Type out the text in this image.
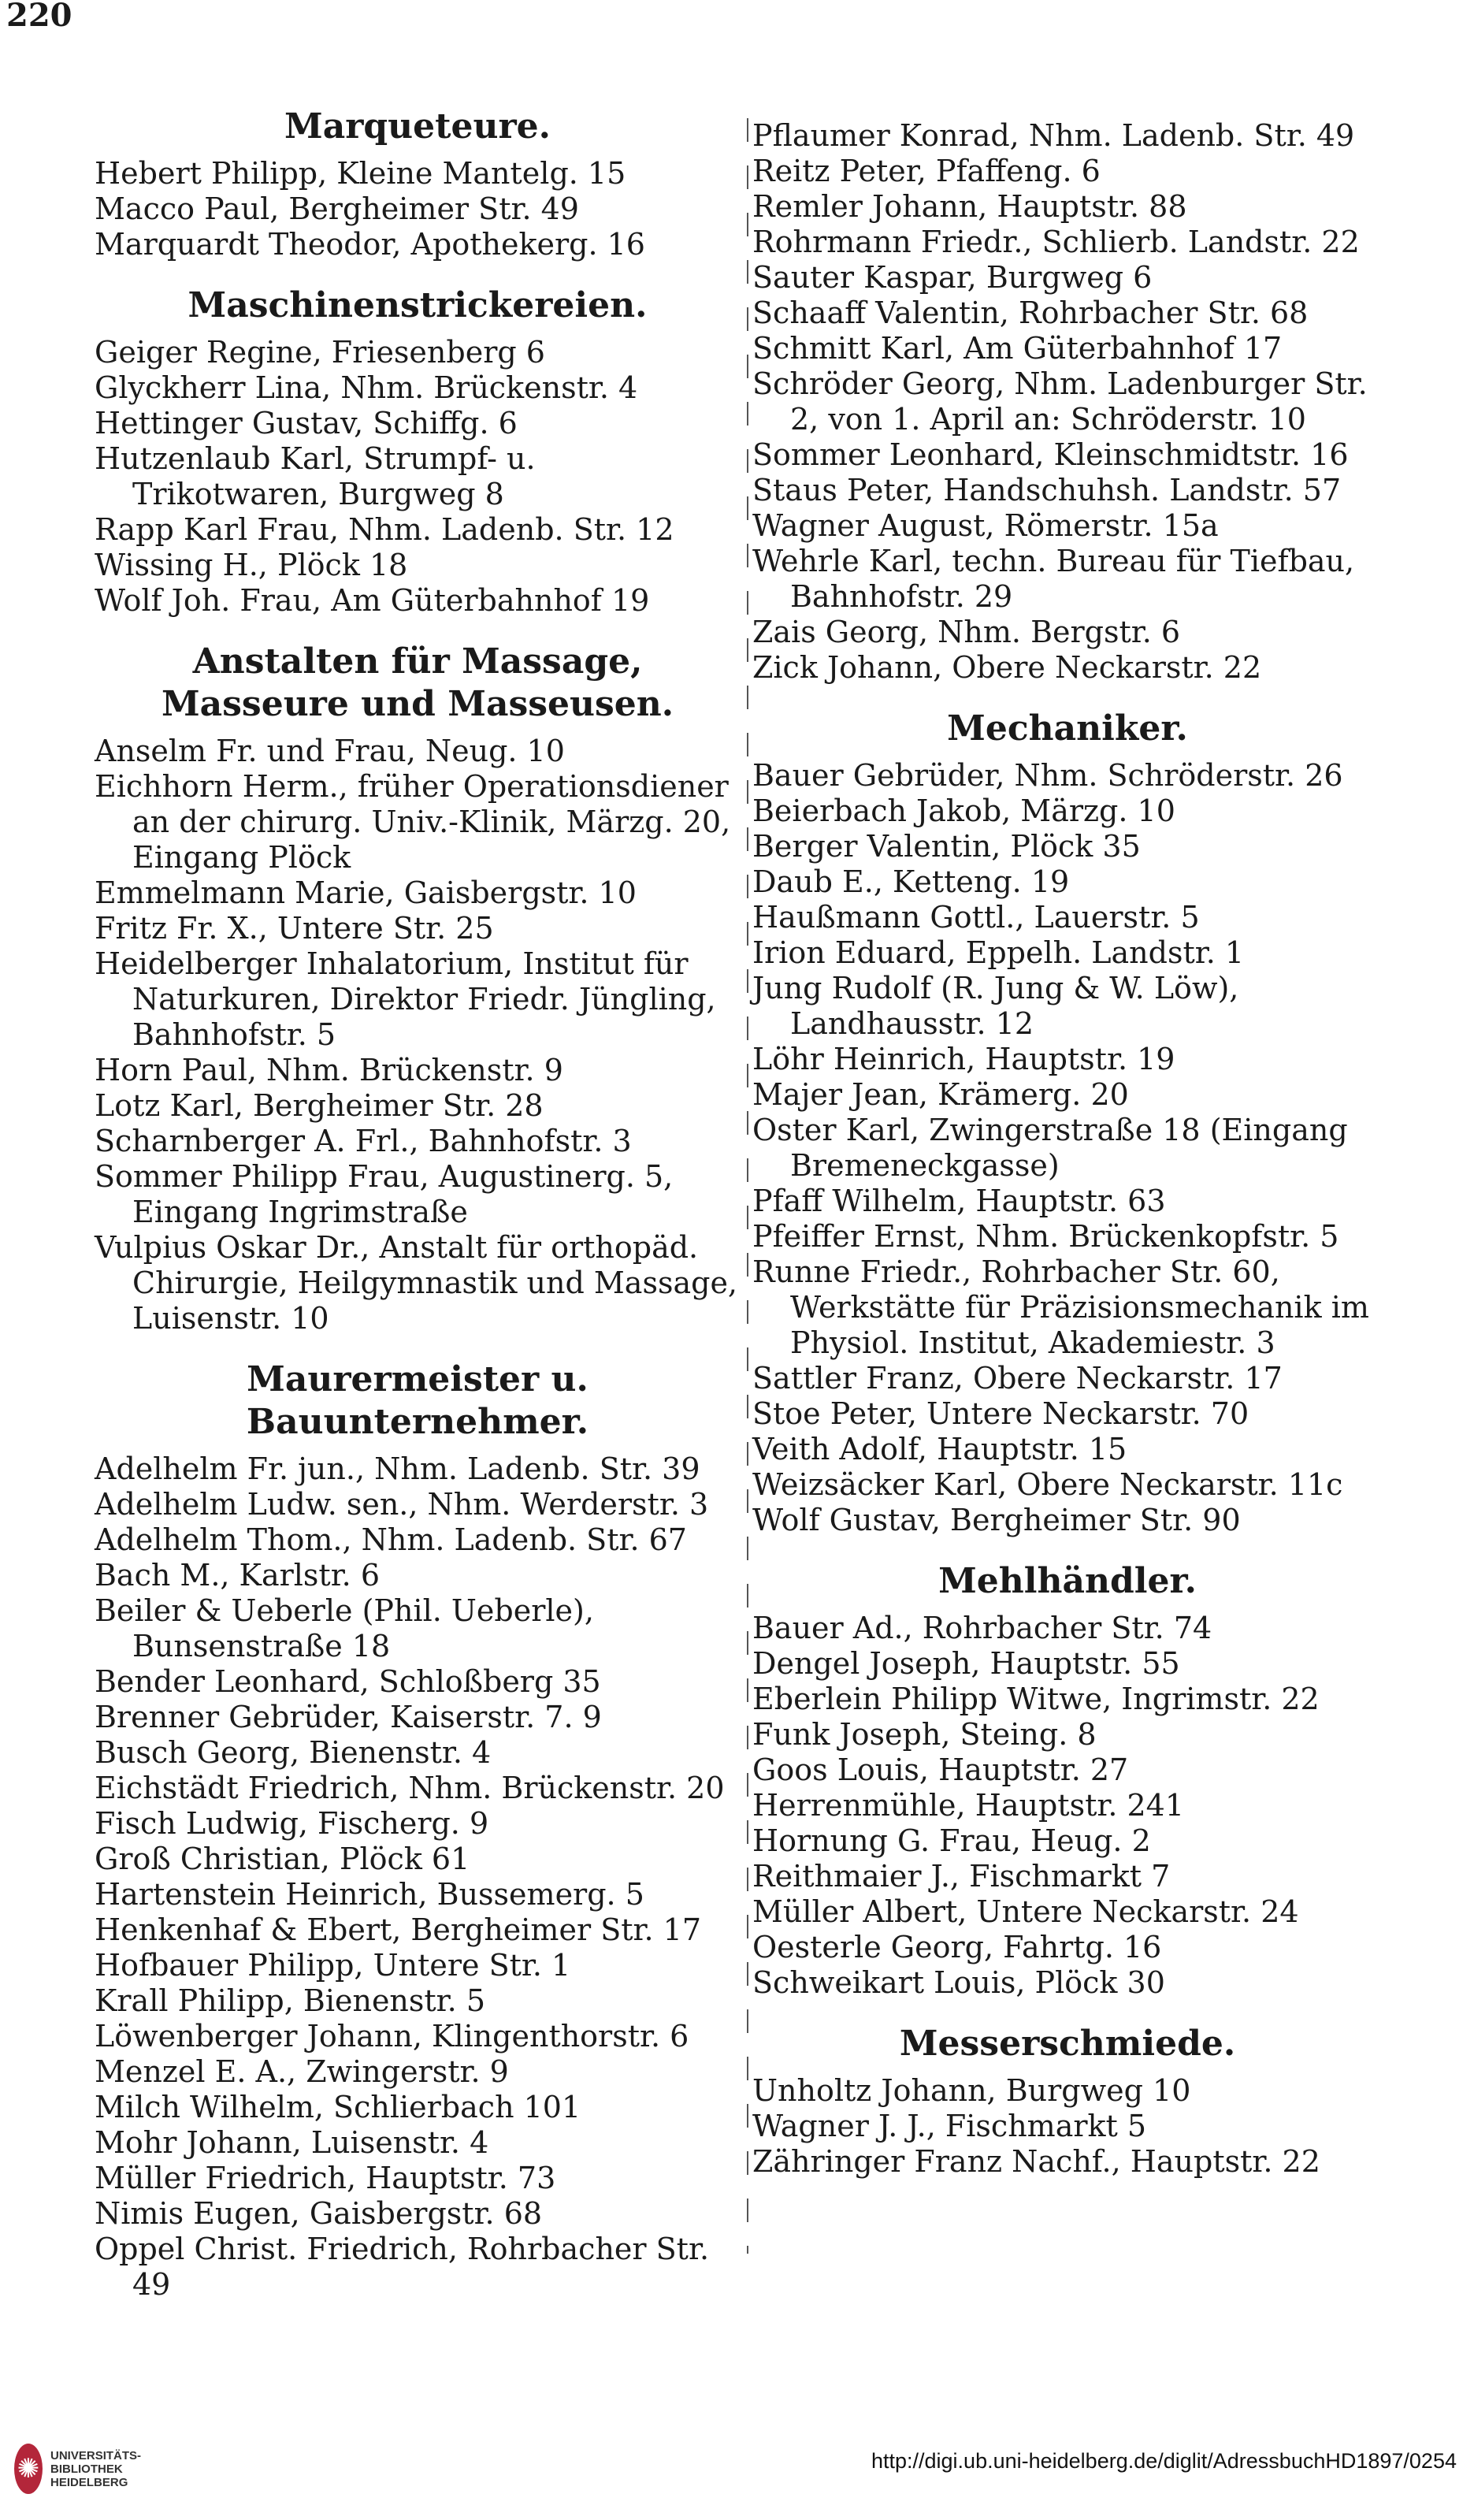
220
Marqueteure.
Hebert Philipp, Kleine Mantelg. 15
Macco Paul, Bergheimer Str. 49
Marquardt Theodor, Apothekerg. 16
Maschinenstrickereien.
Geiger Regine, Friesenberg 6
Glyckherr Lina, Nhm. Brückenstr. 4
Hettinger Gustav, Schiffg. 6
Hutzenlaub Karl, Strumpf- u. Trikotwaren, Burgweg 8
Rapp Karl Frau, Nhm. Ladenb. Str. 12
Wissing H., Plöck 18
Wolf Joh. Frau, Am Güterbahnhof 19
Anstalten für Massage, Masseure und Masseusen.
Anselm Fr. und Frau, Neug. 10
Eichhorn Herm., früher Operationsdiener an der chirurg. Univ.-Klinik, Märzg. 20, Eingang Plöck
Emmelmann Marie, Gaisbergstr. 10
Fritz Fr. X., Untere Str. 25
Heidelberger Inhalatorium, Institut für Naturkuren, Direktor Friedr. Jüngling, Bahnhofstr. 5
Horn Paul, Nhm. Brückenstr. 9
Lotz Karl, Bergheimer Str. 28
Scharnberger A. Frl., Bahnhofstr. 3
Sommer Philipp Frau, Augustinerg. 5, Eingang Ingrimstraße
Vulpius Oskar Dr., Anstalt für orthopäd. Chirurgie, Heilgymnastik und Massage, Luisenstr. 10
Maurermeister u. Bauunternehmer.
Adelhelm Fr. jun., Nhm. Ladenb. Str. 39
Adelhelm Ludw. sen., Nhm. Werderstr. 3
Adelhelm Thom., Nhm. Ladenb. Str. 67
Bach M., Karlstr. 6
Beiler & Ueberle (Phil. Ueberle), Bunsenstraße 18
Bender Leonhard, Schloßberg 35
Brenner Gebrüder, Kaiserstr. 7. 9
Busch Georg, Bienenstr. 4
Eichstädt Friedrich, Nhm. Brückenstr. 20
Fisch Ludwig, Fischerg. 9
Groß Christian, Plöck 61
Hartenstein Heinrich, Bussemerg. 5
Henkenhaf & Ebert, Bergheimer Str. 17
Hofbauer Philipp, Untere Str. 1
Krall Philipp, Bienenstr. 5
Löwenberger Johann, Klingenthorstr. 6
Menzel E. A., Zwingerstr. 9
Milch Wilhelm, Schlierbach 101
Mohr Johann, Luisenstr. 4
Müller Friedrich, Hauptstr. 73
Nimis Eugen, Gaisbergstr. 68
Oppel Christ. Friedrich, Rohrbacher Str. 49
Pflaumer Konrad, Nhm. Ladenb. Str. 49
Reitz Peter, Pfaffeng. 6
Remler Johann, Hauptstr. 88
Rohrmann Friedr., Schlierb. Landstr. 22
Sauter Kaspar, Burgweg 6
Schaaff Valentin, Rohrbacher Str. 68
Schmitt Karl, Am Güterbahnhof 17
Schröder Georg, Nhm. Ladenburger Str. 2, von 1. April an: Schröderstr. 10
Sommer Leonhard, Kleinschmidtstr. 16
Staus Peter, Handschuhsh. Landstr. 57
Wagner August, Römerstr. 15a
Wehrle Karl, techn. Bureau für Tiefbau, Bahnhofstr. 29
Zais Georg, Nhm. Bergstr. 6
Zick Johann, Obere Neckarstr. 22
Mechaniker.
Bauer Gebrüder, Nhm. Schröderstr. 26
Beierbach Jakob, Märzg. 10
Berger Valentin, Plöck 35
Daub E., Ketteng. 19
Haußmann Gottl., Lauerstr. 5
Irion Eduard, Eppelh. Landstr. 1
Jung Rudolf (R. Jung & W. Löw), Landhausstr. 12
Löhr Heinrich, Hauptstr. 19
Majer Jean, Krämerg. 20
Oster Karl, Zwingerstraße 18 (Eingang Bremeneckgasse)
Pfaff Wilhelm, Hauptstr. 63
Pfeiffer Ernst, Nhm. Brückenkopfstr. 5
Runne Friedr., Rohrbacher Str. 60, Werkstätte für Präzisionsmechanik im Physiol. Institut, Akademiestr. 3
Sattler Franz, Obere Neckarstr. 17
Stoe Peter, Untere Neckarstr. 70
Veith Adolf, Hauptstr. 15
Weizsäcker Karl, Obere Neckarstr. 11c
Wolf Gustav, Bergheimer Str. 90
Mehlhändler.
Bauer Ad., Rohrbacher Str. 74
Dengel Joseph, Hauptstr. 55
Eberlein Philipp Witwe, Ingrimstr. 22
Funk Joseph, Steing. 8
Goos Louis, Hauptstr. 27
Herrenmühle, Hauptstr. 241
Hornung G. Frau, Heug. 2
Reithmaier J., Fischmarkt 7
Müller Albert, Untere Neckarstr. 24
Oesterle Georg, Fahrtg. 16
Schweikart Louis, Plöck 30
Messerschmiede.
Unholtz Johann, Burgweg 10
Wagner J. J., Fischmarkt 5
Zähringer Franz Nachf., Hauptstr. 22
✺ UNIVERSITÄTS-BIBLIOTHEK HEIDELBERG
http://digi.ub.uni-heidelberg.de/diglit/AdressbuchHD1897/0254
